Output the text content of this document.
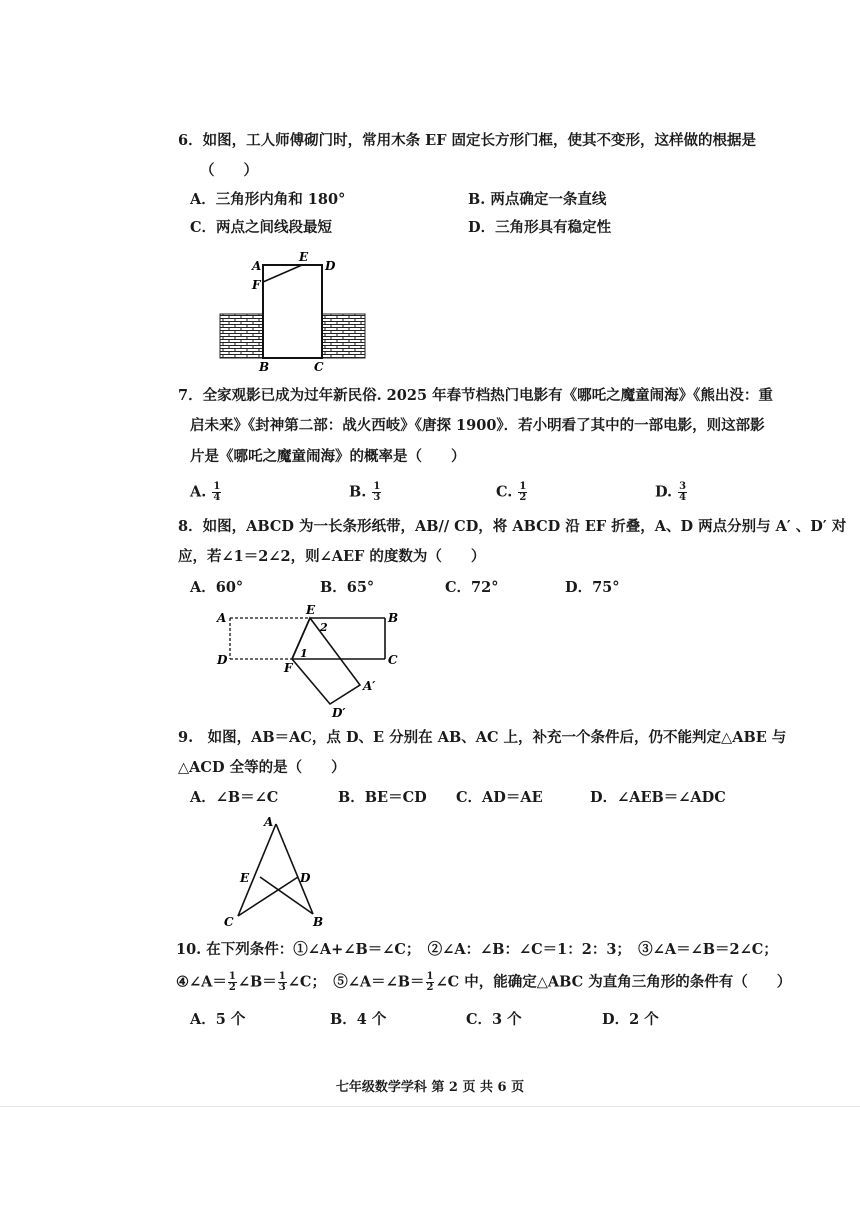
6．如图，工人师傅砌门时，常用木条 EF 固定长方形门框，使其不变形，这样做的根据是
（　　）
A．三角形内角和 180°	B. 两点确定一条直线
C．两点之间线段最短	D．三角形具有稳定性
A
E
D
F
B	C
7．全家观影已成为过年新民俗. 2025 年春节档热门电影有《哪吒之魔童闹海》《熊出没：重
启未来》《封神第二部：战火西岐》《唐探 1900》．若小明看了其中的一部电影，则这部影
片是《哪吒之魔童闹海》的概率是（　　）
A. $\frac{1}{4}$	B. $\frac{1}{3}$	C. $\frac{1}{2}$	D. $\frac{3}{4}$
8．如图，ABCD 为一长条形纸带，AB// CD，将 ABCD 沿 EF 折叠，A、D 两点分别与 A′ 、D′ 对
应，若∠1＝2∠2，则∠AEF 的度数为（　　）
A．60°	B．65°	C．72°	D．75°
A
E
B
D
F
C
A′
D′
1
2
9.　如图，AB＝AC，点 D、E 分别在 AB、AC 上，补充一个条件后，仍不能判定△ABE 与
△ACD 全等的是（　　）
A．∠B＝∠C	B．BE＝CD C．AD＝AE	D．∠AEB＝∠ADC
A
E	D
C	B
10. 在下列条件：①∠A+∠B＝∠C；　②∠A：∠B：∠C＝1：2：3；　③∠A＝∠B＝2∠C；
④∠A＝ $\frac{1}{2}$ ∠B＝ $\frac{1}{3}$ ∠C；　⑤∠A＝∠B＝ $\frac{1}{2}$ ∠C 中，能确定△ABC 为直角三角形的条件有（　　）
A．5 个	B．4 个	C．3 个	D．2 个
七年级数学学科 第 2 页 共 6 页
